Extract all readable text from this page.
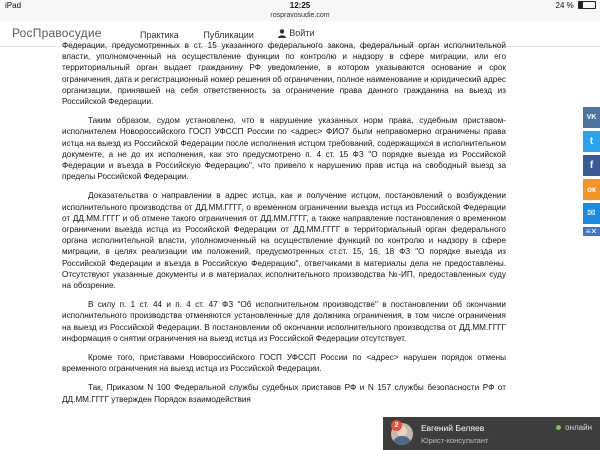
iPad	12:25	24 %
rospravosudie.com
РосПравосудие	Практика	Публикации	Войти

Федерации, предусмотренных в ст. 15 указанного федерального закона, федеральный орган исполнительной власти, уполномоченный на осуществление функции по контролю и надзору в сфере миграции, или его территориальный орган выдает гражданину РФ уведомление, в котором указываются основание и срок ограничения, дата и регистрационный номер решения об ограничении, полное наименование и юридический адрес организации, принявшей на себя ответственность за ограничение права данного гражданина на выезд из Российской Федерации.

Таким образом, судом установлено, что в нарушение указанных норм права, судебным приставом-исполнителем Новороссийского ГОСП УФССП России по <адрес> ФИО7 были неправомерно ограничены права истца на выезд из Российской Федерации после исполнения истцом требований, содержащихся в исполнительном документе, а не до их исполнения, как это предусмотрено п. 4 ст. 15 ФЗ "О порядке выезда из Российской Федерации и въезда в Российскую Федерацию", что привело к нарушению прав истца на свободный выезд за пределы Российской Федерации.

Доказательства о направлении в адрес истца, как и получение истцом, постановлений о возбуждении исполнительного производства от ДД.ММ.ГГГГ, о временном ограничении выезда истца из Российской Федерации от ДД.ММ.ГГГГ и об отмене такого ограничения от ДД.ММ.ГГГГ, а также направление постановления о временном ограничении выезда истца из Российской Федерации от ДД.ММ.ГГГГ в территориальный орган федерального органа исполнительной власти, уполномоченный на осуществление функций по контролю и надзору в сфере миграции, в целях реализации им положений, предусмотренных ст.ст. 15, 16, 18 ФЗ "О порядке выезда из Российской Федерации и въезда в Российскую Федерацию", ответчиками в материалы дела не предоставлены. Отсутствуют указанные документы и в материалах исполнительного производства №-ИП, предоставленных суду на обозрение.

В силу п. 1 ст. 44 и п. 4 ст. 47 ФЗ "Об исполнительном производстве" в постановлении об окончании исполнительного производства отменяются установленные для должника ограничения, в том числе ограничения на выезд из Российской Федерации. В постановлении об окончании исполнительного производства от ДД.ММ.ГГГГ информация о снятии ограничения на выезд истца из Российской Федерации отсутствует.

Кроме того, приставами Новороссийского ГОСП УФССП России по <адрес> нарушен порядок отмены временного ограничения на выезд истца из Российской Федерации.

Так, Приказом N 100 Федеральной службы судебных приставов РФ и N 157 службы безопасности РФ от ДД.ММ.ГГГГ утвержден Порядок взаимодействия

VK
t
f
ок
✉
≡✕
2	Евгений Беляев
Юрист-консультант
онлайн
